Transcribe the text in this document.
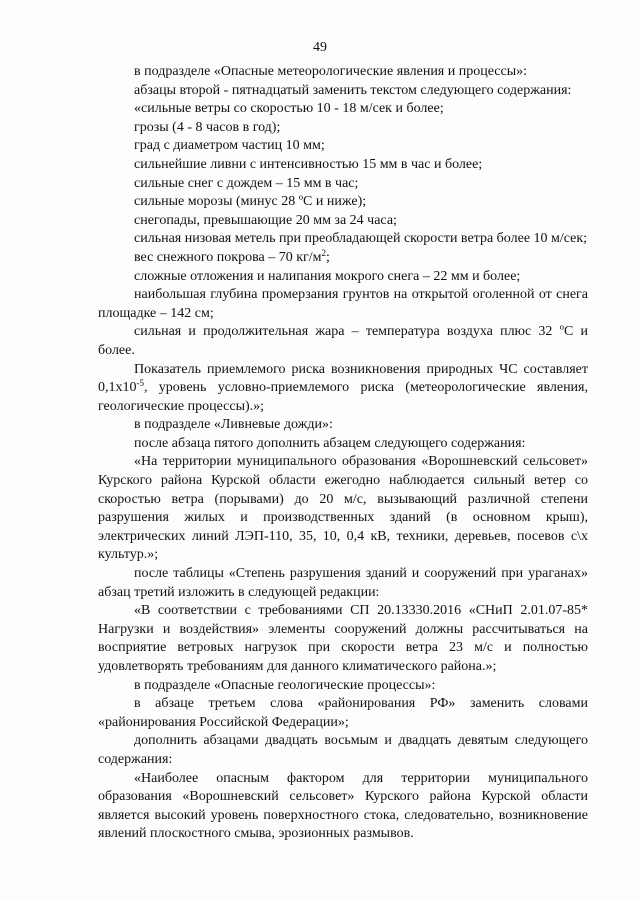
49

в подразделе «Опасные метеорологические явления и процессы»:

абзацы второй - пятнадцатый заменить текстом следующего содержания:

«сильные ветры со скоростью 10 - 18 м/сек и более;

грозы (4 - 8 часов в год);

град с диаметром частиц 10 мм;

сильнейшие ливни с интенсивностью 15 мм в час и более;

сильные снег с дождем – 15 мм в час;

сильные морозы (минус 28 ºС и ниже);

снегопады, превышающие 20 мм за 24 часа;

сильная низовая метель при преобладающей скорости ветра более 10 м/сек;

вес снежного покрова – 70 $кг/м^2$;

сложные отложения и налипания мокрого снега – 22 мм и более;

наибольшая глубина промерзания грунтов на открытой оголенной от снега площадке – 142 см;

сильная и продолжительная жара – температура воздуха плюс 32 ºС и более.

Показатель приемлемого риска возникновения природных ЧС составляет $0,1х10^{-5}$, уровень условно-приемлемого риска (метеорологические явления, геологические процессы).»;

в подразделе «Ливневые дожди»:

после абзаца пятого дополнить абзацем следующего содержания:

«На территории муниципального образования «Ворошневский сельсовет» Курского района Курской области ежегодно наблюдается сильный ветер со скоростью ветра (порывами) до 20 м/с, вызывающий различной степени разрушения жилых и производственных зданий (в основном крыш), электрических линий ЛЭП-110, 35, 10, 0,4 кВ, техники, деревьев, посевов с\х культур.»;

после таблицы «Степень разрушения зданий и сооружений при ураганах» абзац третий изложить в следующей редакции:

«В соответствии с требованиями СП 20.13330.2016 «СНиП 2.01.07-85* Нагрузки и воздействия» элементы сооружений должны рассчитываться на восприятие ветровых нагрузок при скорости ветра 23 м/с и полностью удовлетворять требованиям для данного климатического района.»;

в подразделе «Опасные геологические процессы»:

в абзаце третьем слова «районирования РФ» заменить словами «районирования Российской Федерации»;

дополнить абзацами двадцать восьмым и двадцать девятым следующего содержания:

«Наиболее опасным фактором для территории муниципального образования «Ворошневский сельсовет» Курского района Курской области является высокий уровень поверхностного стока, следовательно, возникновение явлений плоскостного смыва, эрозионных размывов.
